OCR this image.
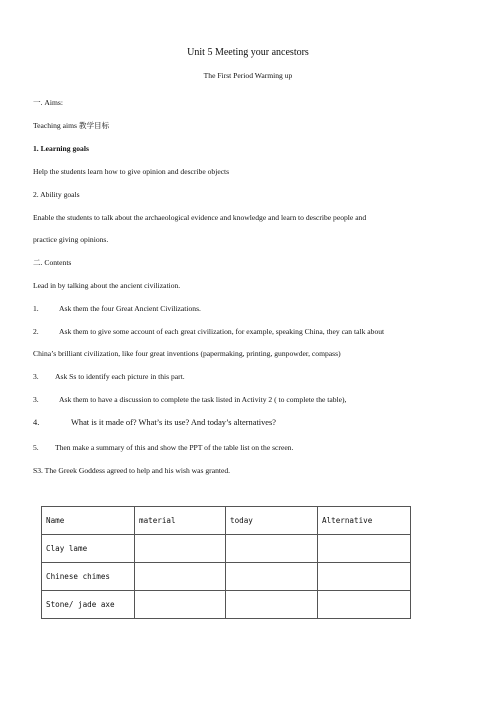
Unit 5 Meeting your ancestors
The First Period Warming up
一. Aims:
Teaching aims 教学目标
1. Learning goals
Help the students learn how to give opinion and describe objects
2. Ability goals
Enable the students to talk about the archaeological evidence and knowledge and learn to describe people and
practice giving opinions.
二. Contents
Lead in by talking about the ancient civilization.
1.	Ask them the four Great Ancient Civilizations.
2.	Ask them to give some account of each great civilization, for example, speaking China, they can talk about
China’s brilliant civilization, like four great inventions (papermaking, printing, gunpowder, compass)
3. Ask Ss to identify each picture in this part.
3.	Ask them to have a discussion to complete the task listed in Activity 2 ( to complete the table),
4.	What is it made of? What’s its use? And today’s alternatives?
5. Then make a summary of this and show the PPT of the table list on the screen.
S3. The Greek Goddess agreed to help and his wish was granted.
Name	material	today	Alternative
Clay lame			
Chinese chimes			
Stone/ jade axe			
